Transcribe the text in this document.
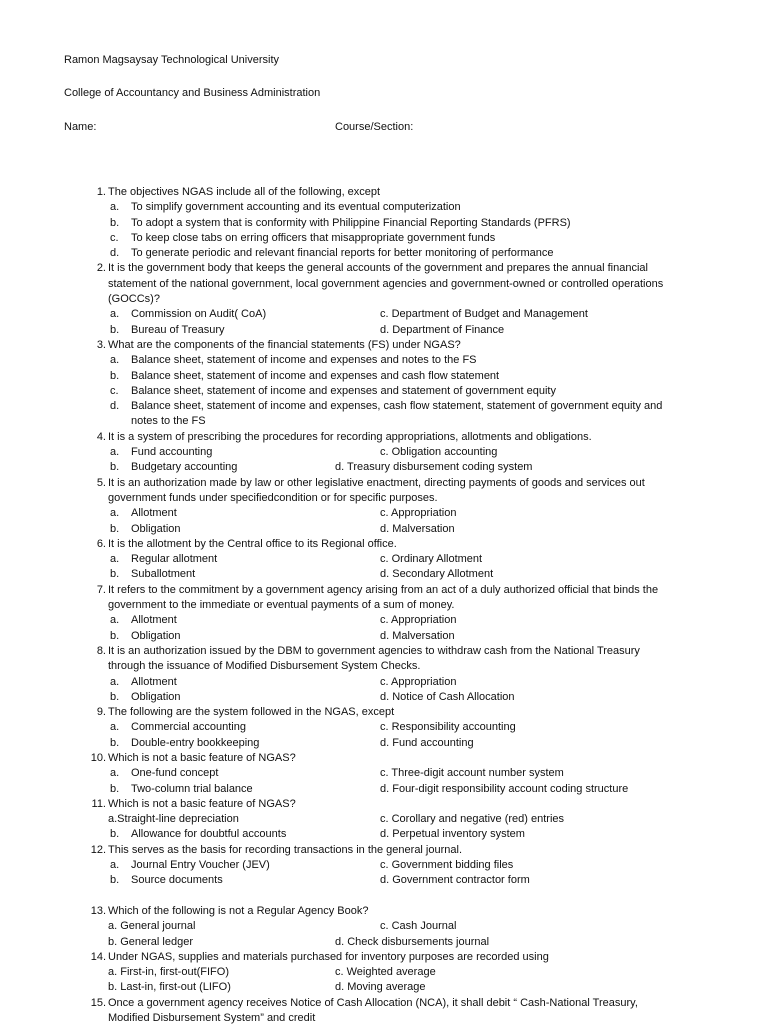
Ramon Magsaysay Technological University
College of Accountancy and Business Administration
Name:	Course/Section:
1. The objectives NGAS include all of the following, except
a. To simplify government accounting and its eventual computerization
b. To adopt a system that is conformity with Philippine Financial Reporting Standards (PFRS)
c. To keep close tabs on erring officers that misappropriate government funds
d. To generate periodic and relevant financial reports for better monitoring of performance
2. It is the government body that keeps the general accounts of the government and prepares the annual financial
statement of the national government, local government agencies and government-owned or controlled operations
(GOCCs)?
a. Commission on Audit( CoA)	c. Department of Budget and Management
b. Bureau of Treasury	d. Department of Finance
3. What are the components of the financial statements (FS) under NGAS?
a. Balance sheet, statement of income and expenses and notes to the FS
b. Balance sheet, statement of income and expenses and cash flow statement
c. Balance sheet, statement of income and expenses and statement of government equity
d. Balance sheet, statement of income and expenses, cash flow statement, statement of government equity and
notes to the FS
4. It is a system of prescribing the procedures for recording appropriations, allotments and obligations.
a. Fund accounting	c. Obligation accounting
b. Budgetary accounting	d. Treasury disbursement coding system
5. It is an authorization made by law or other legislative enactment, directing payments of goods and services out
government funds under specifiedcondition or for specific purposes.
a. Allotment	c. Appropriation
b. Obligation	d. Malversation
6. It is the allotment by the Central office to its Regional office.
a. Regular allotment	c. Ordinary Allotment
b. Suballotment	d. Secondary Allotment
7. It refers to the commitment by a government agency arising from an act of a duly authorized official that binds the
government to the immediate or eventual payments of a sum of money.
a. Allotment	c. Appropriation
b. Obligation	d. Malversation
8. It is an authorization issued by the DBM to government agencies to withdraw cash from the National Treasury
through the issuance of Modified Disbursement System Checks.
a. Allotment	c. Appropriation
b. Obligation	d. Notice of Cash Allocation
9. The following are the system followed in the NGAS, except
a. Commercial accounting	c. Responsibility accounting
b. Double-entry bookkeeping	d. Fund accounting
10. Which is not a basic feature of NGAS?
a. One-fund concept	c. Three-digit account number system
b. Two-column trial balance	d. Four-digit responsibility account coding structure
11. Which is not a basic feature of NGAS?
a.Straight-line depreciation	c. Corollary and negative (red) entries
b. Allowance for doubtful accounts	d. Perpetual inventory system
12. This serves as the basis for recording transactions in the general journal.
a. Journal Entry Voucher (JEV)	c. Government bidding files
b. Source documents	d. Government contractor form
13. Which of the following is not a Regular Agency Book?
a. General journal	c. Cash Journal
b. General ledger	d. Check disbursements journal
14. Under NGAS, supplies and materials purchased for inventory purposes are recorded using
a. First-in, first-out(FIFO)	c. Weighted average
b. Last-in, first-out (LIFO)	d. Moving average
15. Once a government agency receives Notice of Cash Allocation (NCA), it shall debit “ Cash-National Treasury,
Modified Disbursement System” and credit
